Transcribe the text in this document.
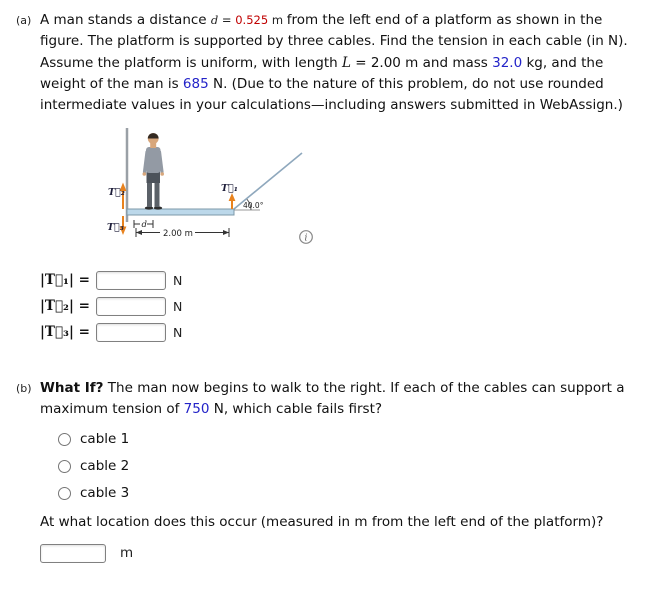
(a) A man stands a distance d = 0.525 m from the left end of a platform as shown in the figure. The platform is supported by three cables. Find the tension in each cable (in N). Assume the platform is uniform, with length L = 2.00 m and mass 32.0 kg, and the weight of the man is 685 N. (Due to the nature of this problem, do not use rounded intermediate values in your calculations—including answers submitted in WebAssign.)

40.0°
T⃗₂
T⃗₃
T⃗₁
d
2.00 m	i
|T⃗₁| =	N
|T⃗₂| =	N
|T⃗₃| =	N
(b) What If? The man now begins to walk to the right. If each of the cables can support a maximum tension of 750 N, which cable fails first?

cable 1
cable 2
cable 3

At what location does this occur (measured in m from the left end of the platform)?

m
